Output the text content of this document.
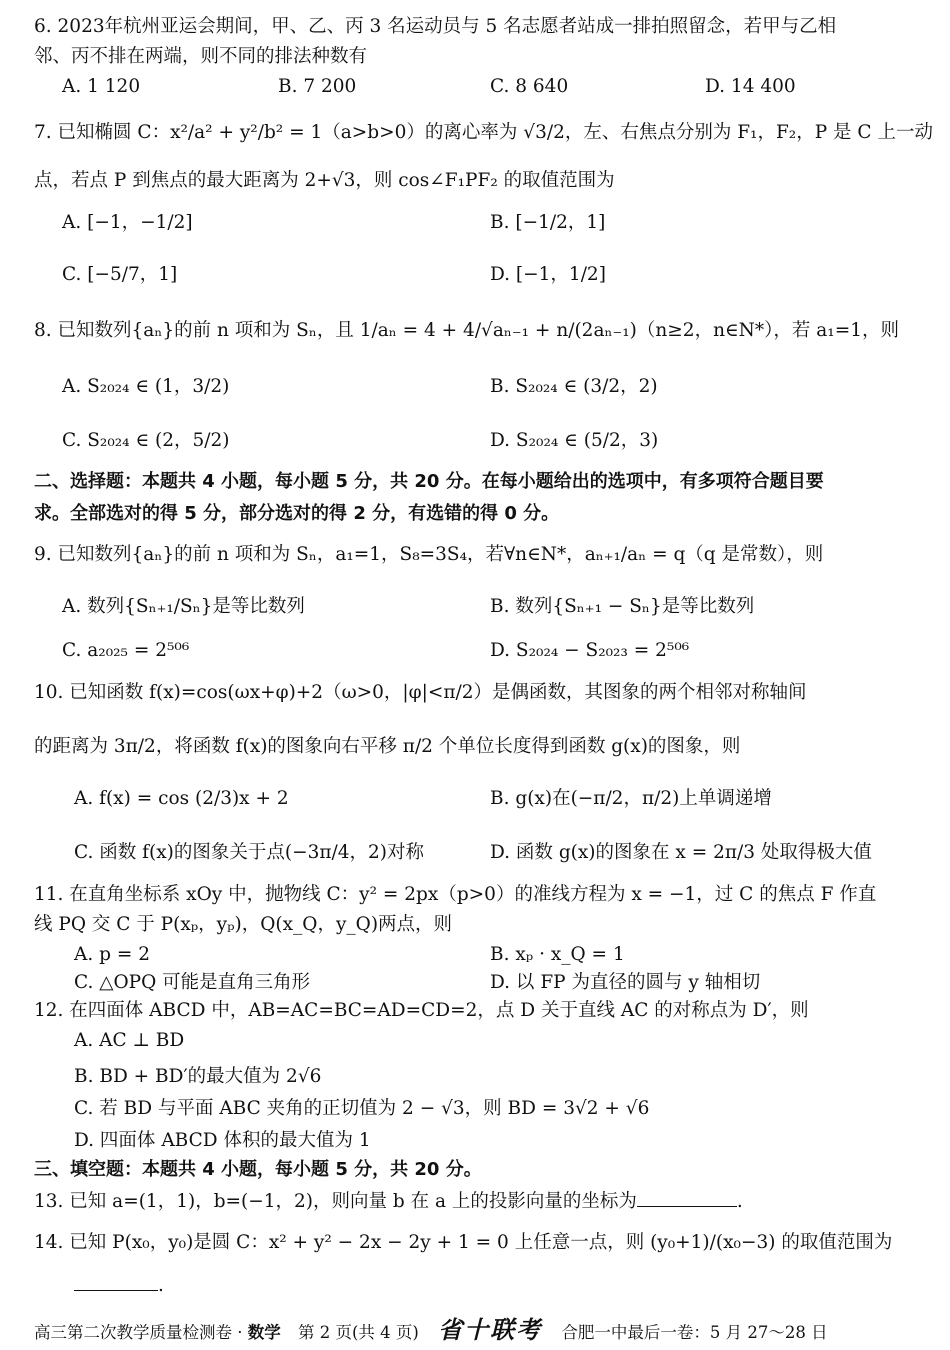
6. 2023年杭州亚运会期间，甲、乙、丙 3 名运动员与 5 名志愿者站成一排拍照留念，若甲与乙相
邻、丙不排在两端，则不同的排法种数有
A. 1 120	B. 7 200	C. 8 640	D. 14 400
7. 已知椭圆 C：x²/a² + y²/b² = 1（a>b>0）的离心率为 √3/2，左、右焦点分别为 F₁，F₂，P 是 C 上一动
点，若点 P 到焦点的最大距离为 2+√3，则 cos∠F₁PF₂ 的取值范围为
A. [−1，−1/2]	B. [−1/2，1]
C. [−5/7，1]	D. [−1，1/2]
8. 已知数列{aₙ}的前 n 项和为 Sₙ，且 1/aₙ = 4 + 4/√aₙ₋₁ + n/(2aₙ₋₁)（n≥2，n∈N*），若 a₁=1，则
A. S₂₀₂₄ ∈ (1，3/2)	B. S₂₀₂₄ ∈ (3/2，2)
C. S₂₀₂₄ ∈ (2，5/2)	D. S₂₀₂₄ ∈ (5/2，3)
二、选择题：本题共 4 小题，每小题 5 分，共 20 分。在每小题给出的选项中，有多项符合题目要
求。全部选对的得 5 分，部分选对的得 2 分，有选错的得 0 分。
9. 已知数列{aₙ}的前 n 项和为 Sₙ，a₁=1，S₈=3S₄，若∀n∈N*，aₙ₊₁/aₙ = q（q 是常数），则
A. 数列{Sₙ₊₁/Sₙ}是等比数列	B. 数列{Sₙ₊₁ − Sₙ}是等比数列
C. a₂₀₂₅ = 2⁵⁰⁶	D. S₂₀₂₄ − S₂₀₂₃ = 2⁵⁰⁶
10. 已知函数 f(x)=cos(ωx+φ)+2（ω>0，|φ|<π/2）是偶函数，其图象的两个相邻对称轴间
的距离为 3π/2，将函数 f(x)的图象向右平移 π/2 个单位长度得到函数 g(x)的图象，则
A. f(x) = cos (2/3)x + 2	B. g(x)在(−π/2，π/2)上单调递增
C. 函数 f(x)的图象关于点(−3π/4，2)对称	D. 函数 g(x)的图象在 x = 2π/3 处取得极大值
11. 在直角坐标系 xOy 中，抛物线 C：y² = 2px（p>0）的准线方程为 x = −1，过 C 的焦点 F 作直
线 PQ 交 C 于 P(xₚ，yₚ)，Q(x_Q，y_Q)两点，则
A. p = 2	B. xₚ · x_Q = 1
C. △OPQ 可能是直角三角形	D. 以 FP 为直径的圆与 y 轴相切
12. 在四面体 ABCD 中，AB=AC=BC=AD=CD=2，点 D 关于直线 AC 的对称点为 D′，则
A. AC ⊥ BD
B. BD + BD′的最大值为 2√6
C. 若 BD 与平面 ABC 夹角的正切值为 2 − √3，则 BD = 3√2 + √6
D. 四面体 ABCD 体积的最大值为 1
三、填空题：本题共 4 小题，每小题 5 分，共 20 分。
13. 已知 a=(1，1)，b=(−1，2)，则向量 b 在 a 上的投影向量的坐标为	.
14. 已知 P(x₀，y₀)是圆 C：x² + y² − 2x − 2y + 1 = 0 上任意一点，则 (y₀+1)/(x₀−3) 的取值范围为
.
高三第二次教学质量检测卷 · 数学 第 2 页(共 4 页) 省十联考 合肥一中最后一卷：5 月 27～28 日
